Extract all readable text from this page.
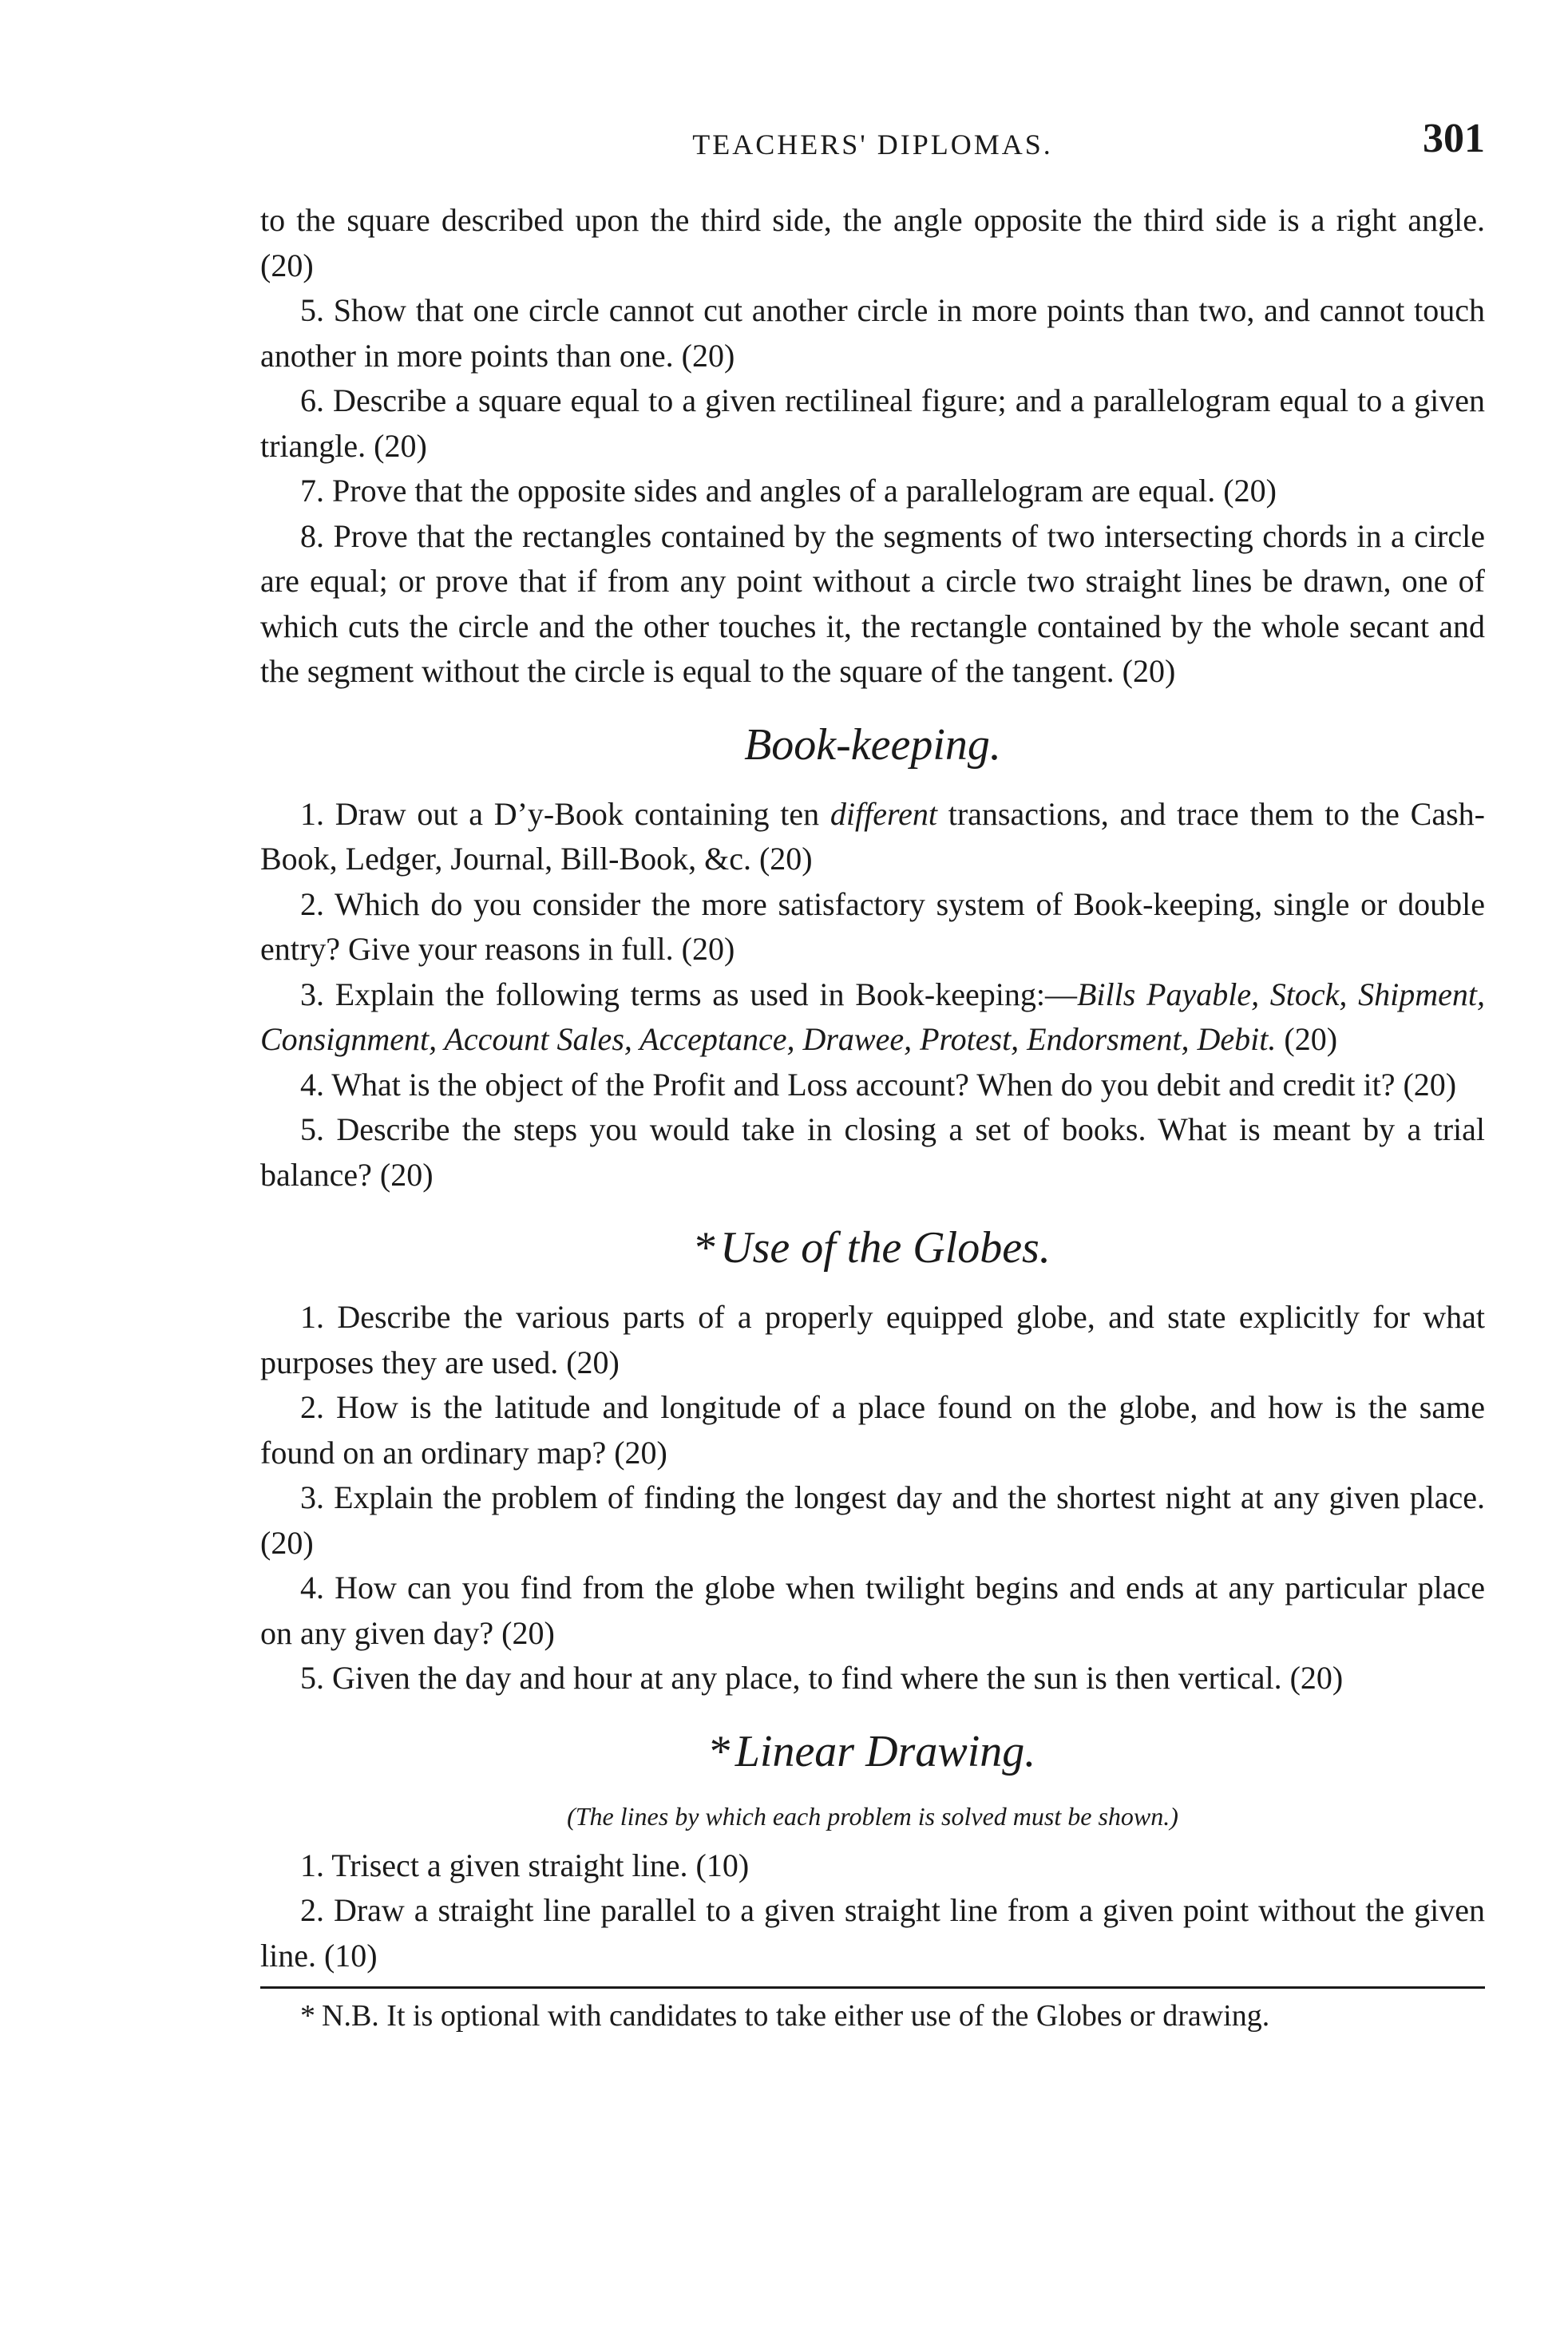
TEACHERS' DIPLOMAS.	301

to the square described upon the third side, the angle opposite the third side is a right angle. (20)

5. Show that one circle cannot cut another circle in more points than two, and cannot touch another in more points than one. (20)

6. Describe a square equal to a given rectilineal figure; and a parallelogram equal to a given triangle. (20)

7. Prove that the opposite sides and angles of a parallelogram are equal. (20)

8. Prove that the rectangles contained by the segments of two intersecting chords in a circle are equal; or prove that if from any point without a circle two straight lines be drawn, one of which cuts the circle and the other touches it, the rectangle contained by the whole secant and the segment without the circle is equal to the square of the tangent. (20)

Book-keeping.

1. Draw out a D’y-Book containing ten different transactions, and trace them to the Cash-Book, Ledger, Journal, Bill-Book, &c. (20)

2. Which do you consider the more satisfactory system of Book-keeping, single or double entry? Give your reasons in full. (20)

3. Explain the following terms as used in Book-keeping:—Bills Payable, Stock, Shipment, Consignment, Account Sales, Acceptance, Drawee, Protest, Endorsment, Debit. (20)

4. What is the object of the Profit and Loss account? When do you debit and credit it? (20)

5. Describe the steps you would take in closing a set of books. What is meant by a trial balance? (20)

*Use of the Globes.

1. Describe the various parts of a properly equipped globe, and state explicitly for what purposes they are used. (20)

2. How is the latitude and longitude of a place found on the globe, and how is the same found on an ordinary map? (20)

3. Explain the problem of finding the longest day and the shortest night at any given place. (20)

4. How can you find from the globe when twilight begins and ends at any particular place on any given day? (20)

5. Given the day and hour at any place, to find where the sun is then vertical. (20)

*Linear Drawing.
(The lines by which each problem is solved must be shown.)

1. Trisect a given straight line. (10)

2. Draw a straight line parallel to a given straight line from a given point without the given line. (10)

* N.B. It is optional with candidates to take either use of the Globes or drawing.
